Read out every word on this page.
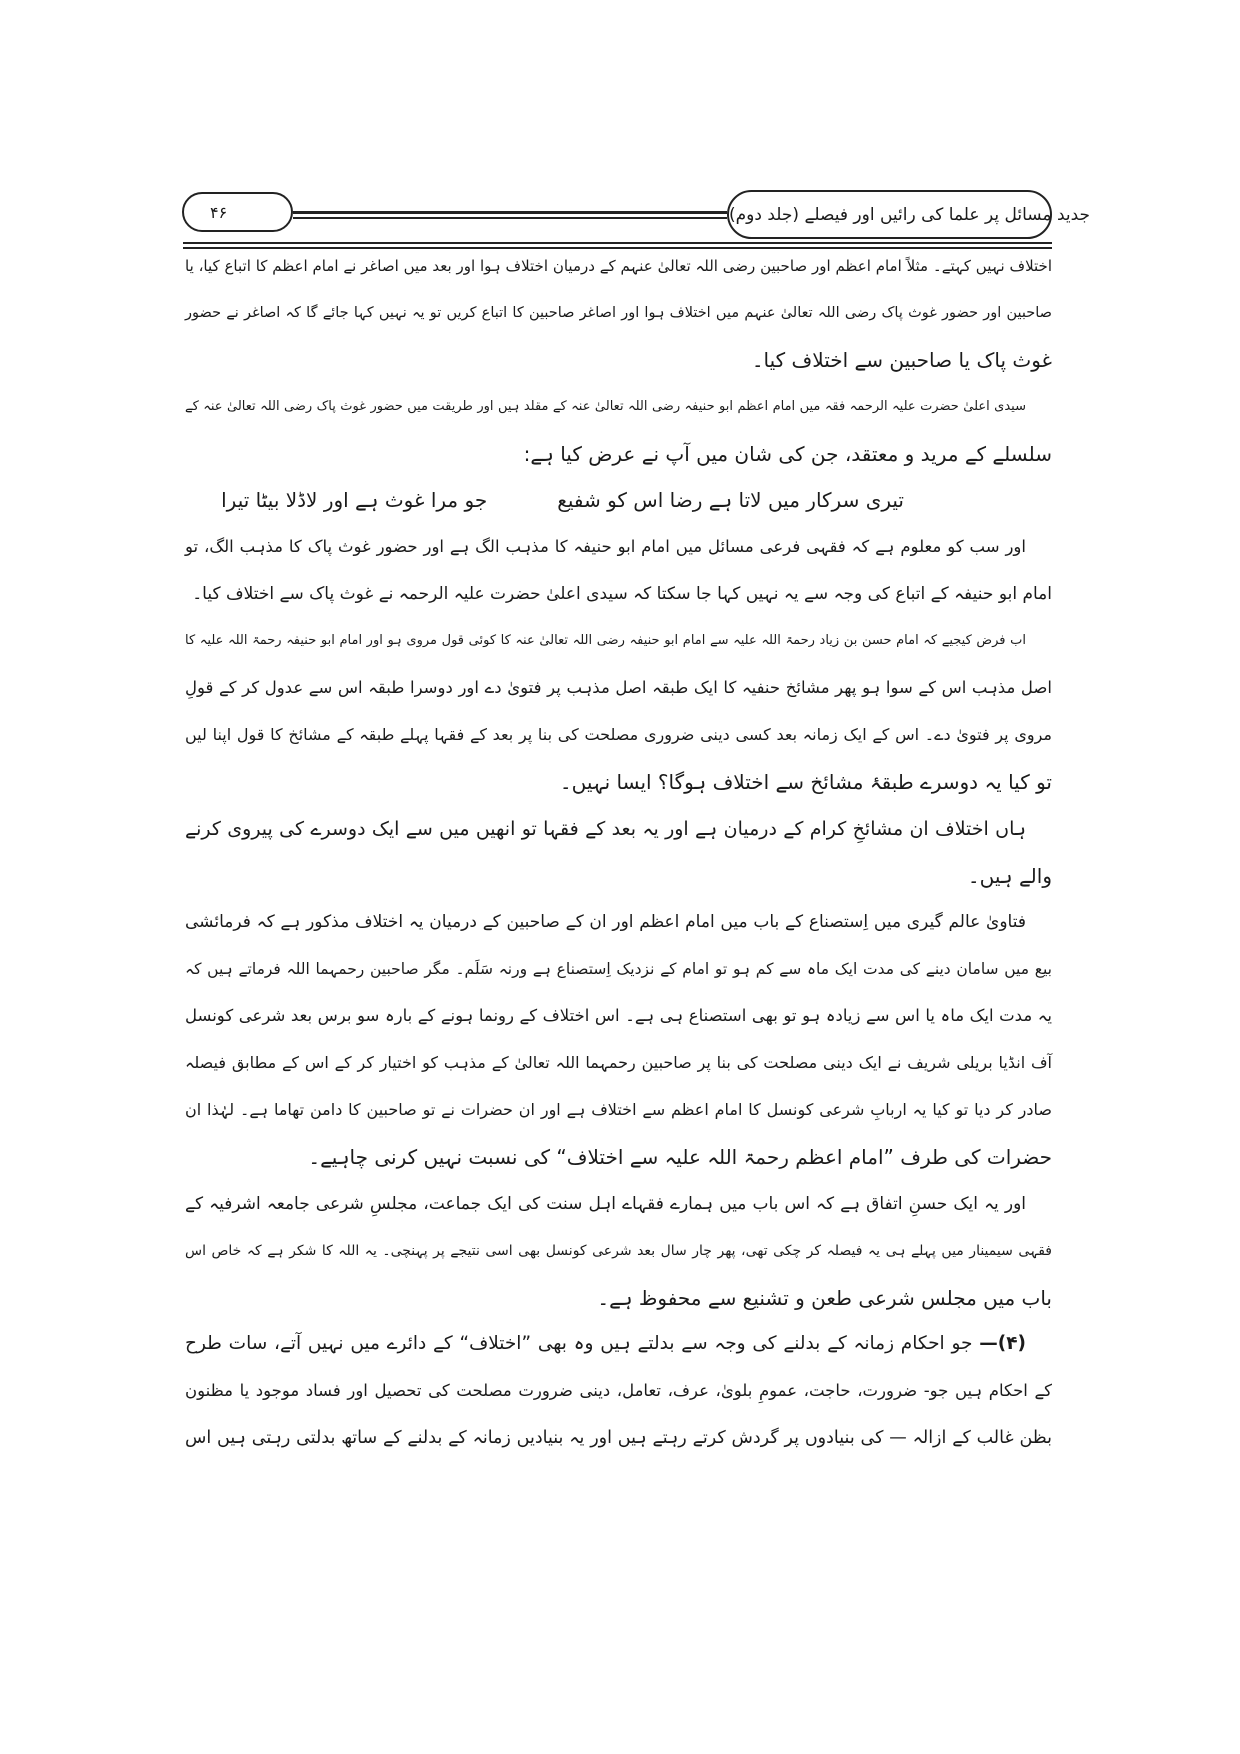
جدید مسائل پر علما کی رائیں اور فیصلے (جلد دوم)
۴۶
اختلاف نہیں کہتے۔ مثلاً امام اعظم اور صاحبین رضی اللہ تعالیٰ عنہم کے درمیان اختلاف ہوا اور بعد میں اصاغر نے امام اعظم کا اتباع کیا، یا
صاحبین اور حضور غوث پاک رضی اللہ تعالیٰ عنہم میں اختلاف ہوا اور اصاغر صاحبین کا اتباع کریں تو یہ نہیں کہا جائے گا کہ اصاغر نے حضور
غوث پاک یا صاحبین سے اختلاف کیا۔
سیدی اعلیٰ حضرت علیہ الرحمہ فقہ میں امام اعظم ابو حنیفہ رضی اللہ تعالیٰ عنہ کے مقلد ہیں اور طریقت میں حضور غوث پاک رضی اللہ تعالیٰ عنہ کے
سلسلے کے مرید و معتقد، جن کی شان میں آپ نے عرض کیا ہے:
تیری سرکار میں لاتا ہے رضا اس کو شفیع
جو مرا غوث ہے اور لاڈلا بیٹا تیرا
اور سب کو معلوم ہے کہ فقہی فرعی مسائل میں امام ابو حنیفہ کا مذہب الگ ہے اور حضور غوث پاک کا مذہب الگ، تو
امام ابو حنیفہ کے اتباع کی وجہ سے یہ نہیں کہا جا سکتا کہ سیدی اعلیٰ حضرت علیہ الرحمہ نے غوث پاک سے اختلاف کیا۔
اب فرض کیجیے کہ امام حسن بن زیاد رحمۃ اللہ علیہ سے امام ابو حنیفہ رضی اللہ تعالیٰ عنہ کا کوئی قول مروی ہو اور امام ابو حنیفہ رحمۃ اللہ علیہ کا
اصل مذہب اس کے سوا ہو پھر مشائخ حنفیہ کا ایک طبقہ اصل مذہب پر فتویٰ دے اور دوسرا طبقہ اس سے عدول کر کے قولِ
مروی پر فتویٰ دے۔ اس کے ایک زمانہ بعد کسی دینی ضروری مصلحت کی بنا پر بعد کے فقہا پہلے طبقہ کے مشائخ کا قول اپنا لیں
تو کیا یہ دوسرے طبقۂ مشائخ سے اختلاف ہوگا؟ ایسا نہیں۔
ہاں اختلاف ان مشائخِ کرام کے درمیان ہے اور یہ بعد کے فقہا تو انھیں میں سے ایک دوسرے کی پیروی کرنے
والے ہیں۔
فتاویٰ عالم گیری میں اِستصناع کے باب میں امام اعظم اور ان کے صاحبین کے درمیان یہ اختلاف مذکور ہے کہ فرمائشی
بیع میں سامان دینے کی مدت ایک ماہ سے کم ہو تو امام کے نزدیک اِستصناع ہے ورنہ سَلَم۔ مگر صاحبین رحمہما اللہ فرماتے ہیں کہ
یہ مدت ایک ماہ یا اس سے زیادہ ہو تو بھی استصناع ہی ہے۔ اس اختلاف کے رونما ہونے کے بارہ سو برس بعد شرعی کونسل
آف انڈیا بریلی شریف نے ایک دینی مصلحت کی بنا پر صاحبین رحمہما اللہ تعالیٰ کے مذہب کو اختیار کر کے اس کے مطابق فیصلہ
صادر کر دیا تو کیا یہ اربابِ شرعی کونسل کا امام اعظم سے اختلاف ہے اور ان حضرات نے تو صاحبین کا دامن تھاما ہے۔ لہٰذا ان
حضرات کی طرف ”امام اعظم رحمۃ اللہ علیہ سے اختلاف“ کی نسبت نہیں کرنی چاہیے۔
اور یہ ایک حسنِ اتفاق ہے کہ اس باب میں ہمارے فقہاے اہل سنت کی ایک جماعت، مجلسِ شرعی جامعہ اشرفیہ کے
فقہی سیمینار میں پہلے ہی یہ فیصلہ کر چکی تھی، پھر چار سال بعد شرعی کونسل بھی اسی نتیجے پر پہنچی۔ یہ اللہ کا شکر ہے کہ خاص اس
باب میں مجلس شرعی طعن و تشنیع سے محفوظ ہے۔
(۴)— جو احکام زمانہ کے بدلنے کی وجہ سے بدلتے ہیں وہ بھی ”اختلاف“ کے دائرے میں نہیں آتے، سات طرح
کے احکام ہیں جو- ضرورت، حاجت، عمومِ بلویٰ، عرف، تعامل، دینی ضرورت مصلحت کی تحصیل اور فساد موجود یا مظنون
بظن غالب کے ازالہ — کی بنیادوں پر گردش کرتے رہتے ہیں اور یہ بنیادیں زمانہ کے بدلنے کے ساتھ بدلتی رہتی ہیں اس
